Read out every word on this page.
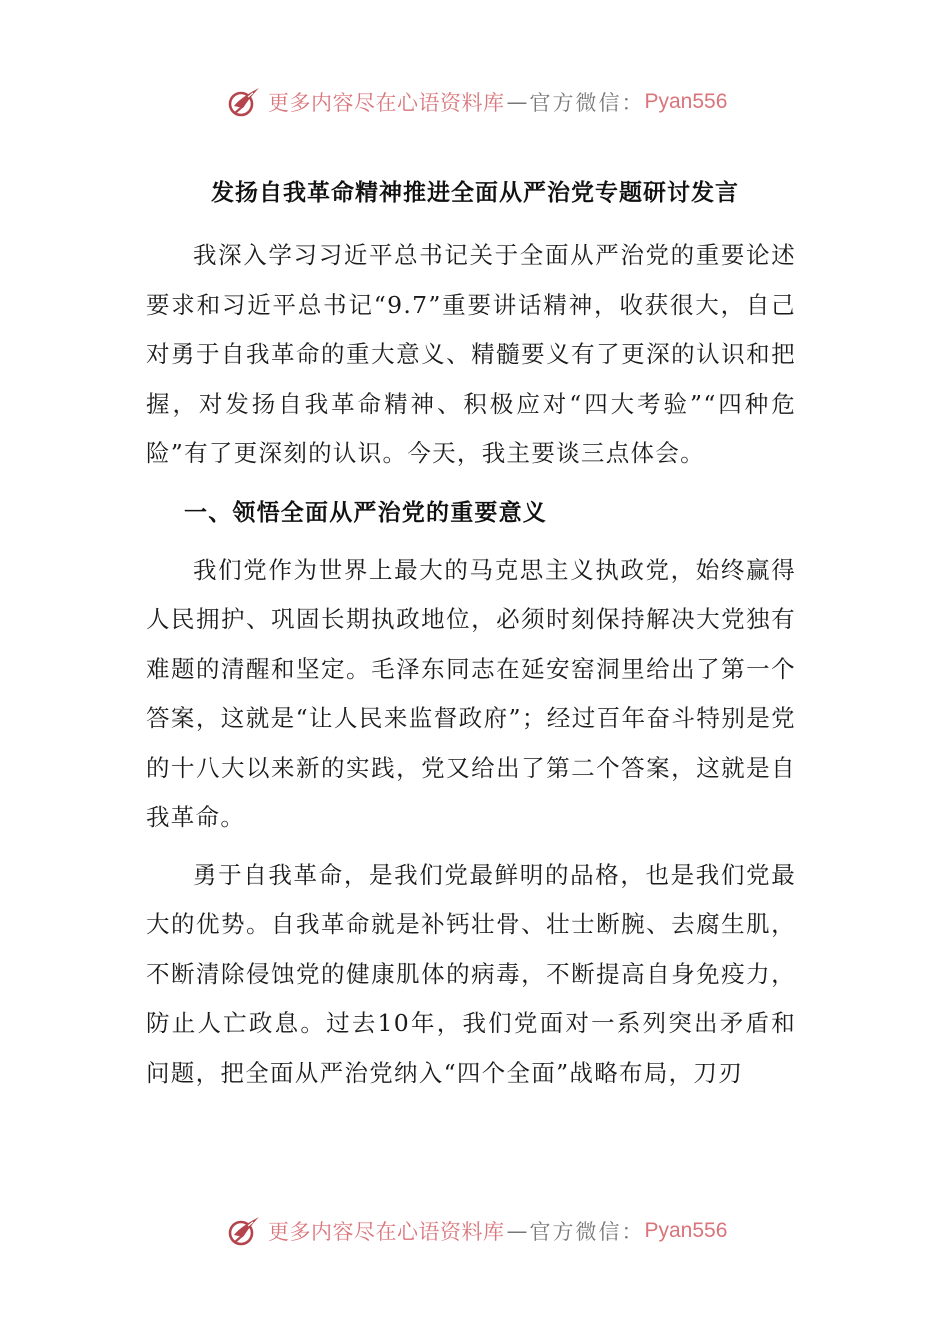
更多内容尽在心语资料库 — 官方微信： Pyan556
发扬自我革命精神推进全面从严治党专题研讨发言

我深入学习习近平总书记关于全面从严治党的重要论述要求和习近平总书记“9.7”重要讲话精神，收获很大，自己对勇于自我革命的重大意义、精髓要义有了更深的认识和把握，对发扬自我革命精神、积极应对“四大考验”“四种危险”有了更深刻的认识。今天，我主要谈三点体会。

一、领悟全面从严治党的重要意义

我们党作为世界上最大的马克思主义执政党，始终赢得人民拥护、巩固长期执政地位，必须时刻保持解决大党独有难题的清醒和坚定。毛泽东同志在延安窑洞里给出了第一个答案，这就是“让人民来监督政府”；经过百年奋斗特别是党的十八大以来新的实践，党又给出了第二个答案，这就是自我革命。

勇于自我革命，是我们党最鲜明的品格，也是我们党最大的优势。自我革命就是补钙壮骨、壮士断腕、去腐生肌，不断清除侵蚀党的健康肌体的病毒，不断提高自身免疫力，防止人亡政息。过去10年，我们党面对一系列突出矛盾和问题，把全面从严治党纳入“四个全面”战略布局，刀刃

更多内容尽在心语资料库 — 官方微信： Pyan556
